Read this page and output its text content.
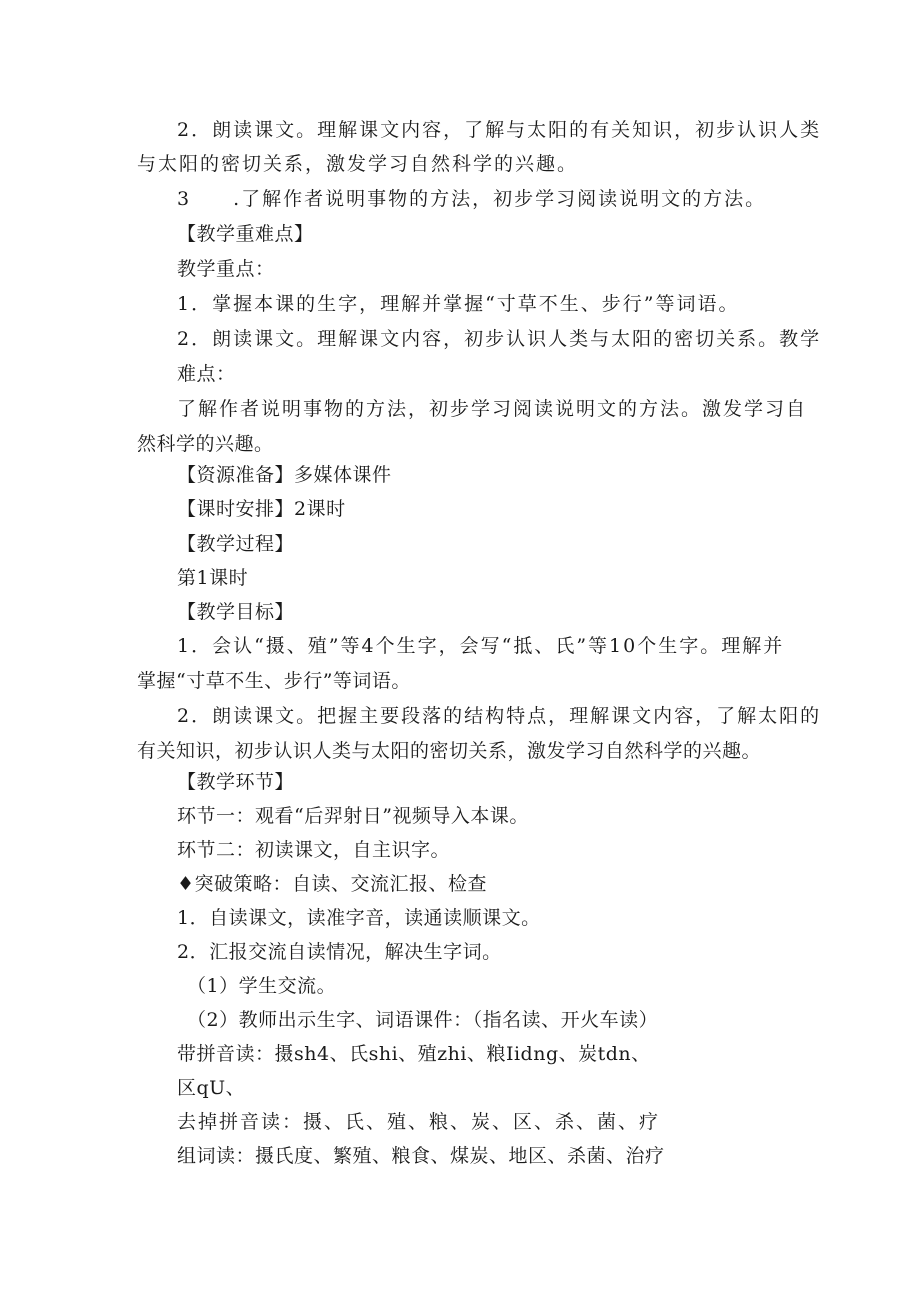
2．朗读课文。理解课文内容，了解与太阳的有关知识，初步认识人类
与太阳的密切关系，激发学习自然科学的兴趣。
3　　.了解作者说明事物的方法，初步学习阅读说明文的方法。
【教学重难点】
教学重点：
1．掌握本课的生字，理解并掌握“寸草不生、步行”等词语。
2．朗读课文。理解课文内容，初步认识人类与太阳的密切关系。教学
难点：
了解作者说明事物的方法，初步学习阅读说明文的方法。激发学习自
然科学的兴趣。
【资源准备】多媒体课件
【课时安排】2课时
【教学过程】
第1课时
【教学目标】
1．会认“摄、殖”等4个生字，会写“抵、氏”等10个生字。理解并
掌握“寸草不生、步行”等词语。
2．朗读课文。把握主要段落的结构特点，理解课文内容，了解太阳的
有关知识，初步认识人类与太阳的密切关系，激发学习自然科学的兴趣。
【教学环节】
环节一：观看“后羿射日”视频导入本课。
环节二：初读课文，自主识字。
♦突破策略：自读、交流汇报、检查
1．自读课文，读准字音，读通读顺课文。
2．汇报交流自读情况，解决生字词。
（1）学生交流。
（2）教师出示生字、词语课件：（指名读、开火车读）
带拼音读：摄sh4、氏shi、殖zhi、粮Iidng、炭tdn、
区qU、
去掉拼音读：摄、氏、殖、粮、炭、区、杀、菌、疗
组词读：摄氏度、繁殖、粮食、煤炭、地区、杀菌、治疗
